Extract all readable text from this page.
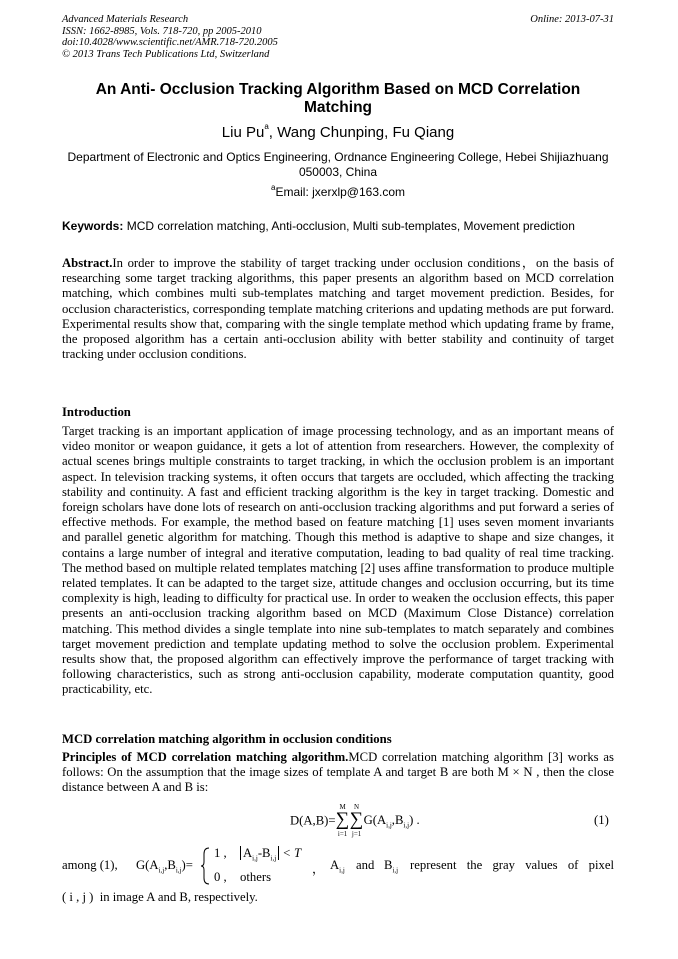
Advanced Materials Research
ISSN: 1662-8985, Vols. 718-720, pp 2005-2010
doi:10.4028/www.scientific.net/AMR.718-720.2005
© 2013 Trans Tech Publications Ltd, Switzerland
Online: 2013-07-31
An Anti- Occlusion Tracking Algorithm Based on MCD Correlation Matching
Liu Pu$^a$, Wang Chunping, Fu Qiang
Department of Electronic and Optics Engineering, Ordnance Engineering College, Hebei Shijiazhuang 050003, China
$^a$Email: jxerxlp@163.com
Keywords: MCD correlation matching, Anti-occlusion, Multi sub-templates, Movement prediction
Abstract.In order to improve the stability of target tracking under occlusion conditions，on the basis of researching some target tracking algorithms, this paper presents an algorithm based on MCD correlation matching, which combines multi sub-templates matching and target movement prediction. Besides, for occlusion characteristics, corresponding template matching criterions and updating methods are put forward. Experimental results show that, comparing with the single template method which updating frame by frame, the proposed algorithm has a certain anti-occlusion ability with better stability and continuity of target tracking under occlusion conditions.
Introduction
Target tracking is an important application of image processing technology, and as an important means of video monitor or weapon guidance, it gets a lot of attention from researchers. However, the complexity of actual scenes brings multiple constraints to target tracking, in which the occlusion problem is an important aspect. In television tracking systems, it often occurs that targets are occluded, which affecting the tracking stability and continuity. A fast and efficient tracking algorithm is the key in target tracking. Domestic and foreign scholars have done lots of research on anti-occlusion tracking algorithms and put forward a series of effective methods. For example, the method based on feature matching [1] uses seven moment invariants and parallel genetic algorithm for matching. Though this method is adaptive to shape and size changes, it contains a large number of integral and iterative computation, leading to bad quality of real time tracking. The method based on multiple related templates matching [2] uses affine transformation to produce multiple related templates. It can be adapted to the target size, attitude changes and occlusion occurring, but its time complexity is high, leading to difficulty for practical use. In order to weaken the occlusion effects, this paper presents an anti-occlusion tracking algorithm based on MCD (Maximum Close Distance) correlation matching. This method divides a single template into nine sub-templates to match separately and combines target movement prediction and template updating method to solve the occlusion problem. Experimental results show that, the proposed algorithm can effectively improve the performance of target tracking with following characteristics, such as strong anti-occlusion capability, moderate computation quantity, good practicability, etc.
MCD correlation matching algorithm in occlusion conditions
Principles of MCD correlation matching algorithm.MCD correlation matching algorithm [3] works as follows: On the assumption that the image sizes of template A and target B are both M × N , then the close distance between A and B is:
D(A,B)=
M
∑
i=1
N
∑
j=1
$G(A_{i,j},B_{i,j})$ .	(1)
among (1), $G(A_{i,j},B_{i,j})=$
1 , $A_{i,j}-B_{i,j} < T$
0 , others
， $A_{i,j}$ and $B_{i,j}$ represent the gray values of pixel
( i , j ) in image A and B, respectively.
